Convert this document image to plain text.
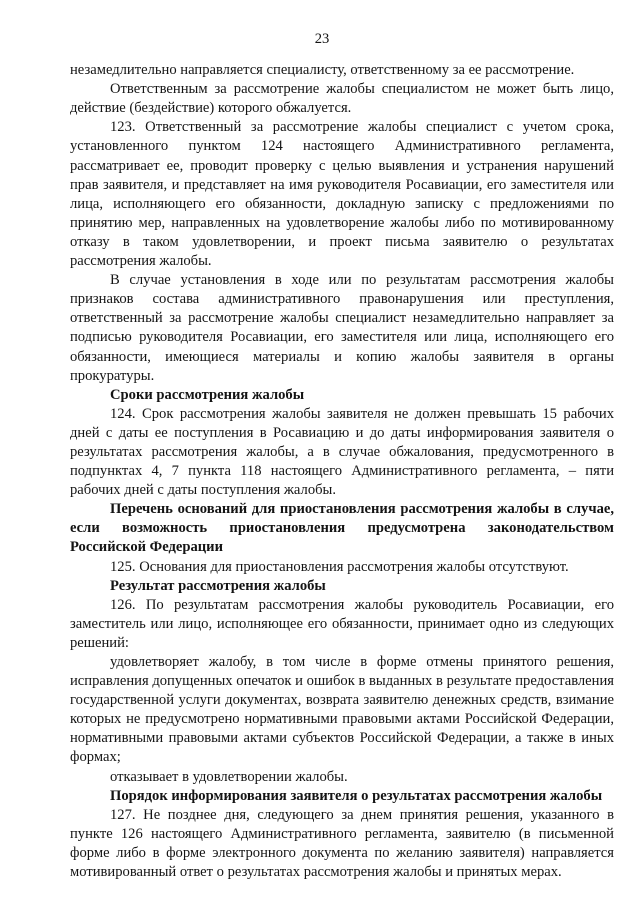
23

незамедлительно направляется специалисту, ответственному за ее рассмотрение.

Ответственным за рассмотрение жалобы специалистом не может быть лицо, действие (бездействие) которого обжалуется.

123. Ответственный за рассмотрение жалобы специалист с учетом срока, установленного пунктом 124 настоящего Административного регламента, рассматривает ее, проводит проверку с целью выявления и устранения нарушений прав заявителя, и представляет на имя руководителя Росавиации, его заместителя или лица, исполняющего его обязанности, докладную записку с предложениями по принятию мер, направленных на удовлетворение жалобы либо по мотивированному отказу в таком удовлетворении, и проект письма заявителю о результатах рассмотрения жалобы.

В случае установления в ходе или по результатам рассмотрения жалобы признаков состава административного правонарушения или преступления, ответственный за рассмотрение жалобы специалист незамедлительно направляет за подписью руководителя Росавиации, его заместителя или лица, исполняющего его обязанности, имеющиеся материалы и копию жалобы заявителя в органы прокуратуры.

Сроки рассмотрения жалобы

124. Срок рассмотрения жалобы заявителя не должен превышать 15 рабочих дней с даты ее поступления в Росавиацию и до даты информирования заявителя о результатах рассмотрения жалобы, а в случае обжалования, предусмотренного в подпунктах 4, 7 пункта 118 настоящего Административного регламента, – пяти рабочих дней с даты поступления жалобы.

Перечень оснований для приостановления рассмотрения жалобы в случае, если возможность приостановления предусмотрена законодательством Российской Федерации

125. Основания для приостановления рассмотрения жалобы отсутствуют.

Результат рассмотрения жалобы

126. По результатам рассмотрения жалобы руководитель Росавиации, его заместитель или лицо, исполняющее его обязанности, принимает одно из следующих решений:

удовлетворяет жалобу, в том числе в форме отмены принятого решения, исправления допущенных опечаток и ошибок в выданных в результате предоставления государственной услуги документах, возврата заявителю денежных средств, взимание которых не предусмотрено нормативными правовыми актами Российской Федерации, нормативными правовыми актами субъектов Российской Федерации, а также в иных формах;

отказывает в удовлетворении жалобы.

Порядок информирования заявителя о результатах рассмотрения жалобы

127. Не позднее дня, следующего за днем принятия решения, указанного в пункте 126 настоящего Административного регламента, заявителю (в письменной форме либо в форме электронного документа по желанию заявителя) направляется мотивированный ответ о результатах рассмотрения жалобы и принятых мерах.
